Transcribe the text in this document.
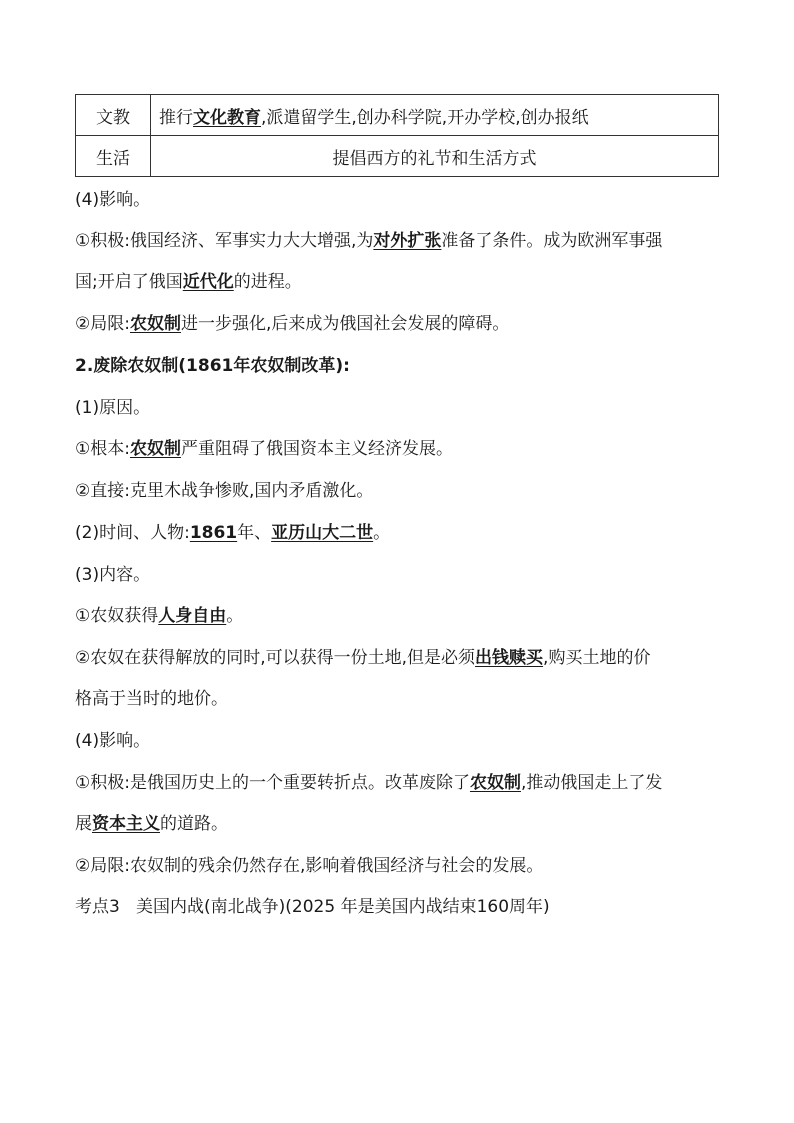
文教	推行文化教育,派遣留学生,创办科学院,开办学校,创办报纸
生活	提倡西方的礼节和生活方式
(4)影响。
①积极:俄国经济、军事实力大大增强,为对外扩张准备了条件。成为欧洲军事强
国;开启了俄国近代化的进程。
②局限:农奴制进一步强化,后来成为俄国社会发展的障碍。
2.废除农奴制(1861年农奴制改革):
(1)原因。
①根本:农奴制严重阻碍了俄国资本主义经济发展。
②直接:克里木战争惨败,国内矛盾激化。
(2)时间、人物:1861年、亚历山大二世。
(3)内容。
①农奴获得人身自由。
②农奴在获得解放的同时,可以获得一份土地,但是必须出钱赎买,购买土地的价
格高于当时的地价。
(4)影响。
①积极:是俄国历史上的一个重要转折点。改革废除了农奴制,推动俄国走上了发
展资本主义的道路。
②局限:农奴制的残余仍然存在,影响着俄国经济与社会的发展。
考点3   美国内战(南北战争)(2025 年是美国内战结束160周年)
